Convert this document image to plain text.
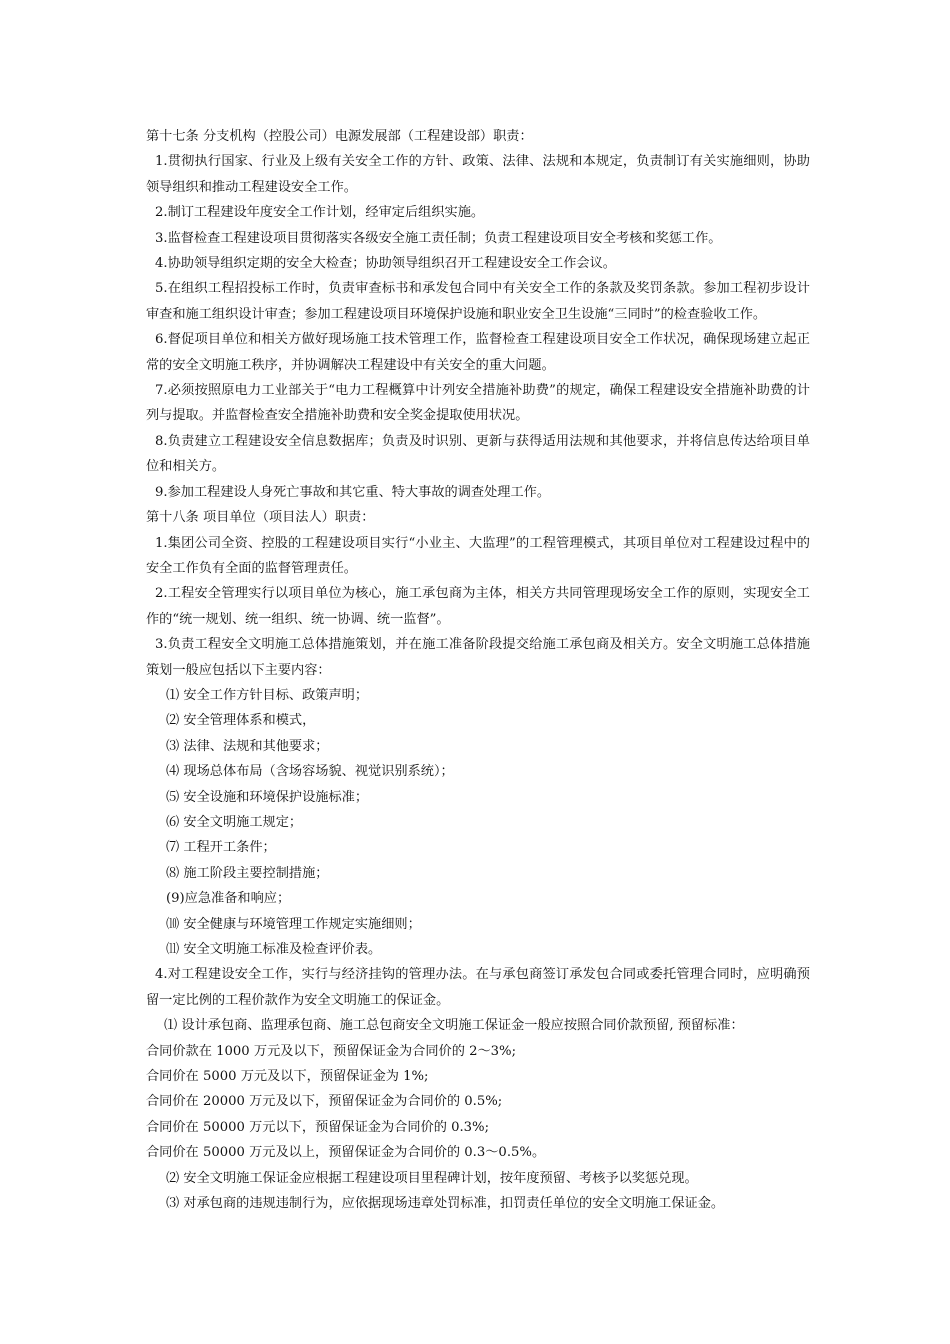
第十七条 分支机构（控股公司）电源发展部（工程建设部）职责：

1.贯彻执行国家、行业及上级有关安全工作的方针、政策、法律、法规和本规定，负责制订有关实施细则，协助领导组织和推动工程建设安全工作。

2.制订工程建设年度安全工作计划，经审定后组织实施。

3.监督检查工程建设项目贯彻落实各级安全施工责任制；负责工程建设项目安全考核和奖惩工作。

4.协助领导组织定期的安全大检查；协助领导组织召开工程建设安全工作会议。

5.在组织工程招投标工作时，负责审查标书和承发包合同中有关安全工作的条款及奖罚条款。参加工程初步设计审查和施工组织设计审查；参加工程建设项目环境保护设施和职业安全卫生设施“三同时”的检查验收工作。

6.督促项目单位和相关方做好现场施工技术管理工作，监督检查工程建设项目安全工作状况，确保现场建立起正常的安全文明施工秩序，并协调解决工程建设中有关安全的重大问题。

7.必须按照原电力工业部关于“电力工程概算中计列安全措施补助费”的规定，确保工程建设安全措施补助费的计列与提取。并监督检查安全措施补助费和安全奖金提取使用状况。

8.负责建立工程建设安全信息数据库；负责及时识别、更新与获得适用法规和其他要求，并将信息传达给项目单位和相关方。

9.参加工程建设人身死亡事故和其它重、特大事故的调查处理工作。

第十八条 项目单位（项目法人）职责：

1.集团公司全资、控股的工程建设项目实行“小业主、大监理”的工程管理模式，其项目单位对工程建设过程中的安全工作负有全面的监督管理责任。

2.工程安全管理实行以项目单位为核心，施工承包商为主体，相关方共同管理现场安全工作的原则，实现安全工作的“统一规划、统一组织、统一协调、统一监督”。

3.负责工程安全文明施工总体措施策划，并在施工准备阶段提交给施工承包商及相关方。安全文明施工总体措施策划一般应包括以下主要内容：

⑴ 安全工作方针目标、政策声明；

⑵ 安全管理体系和模式，

⑶ 法律、法规和其他要求；

⑷ 现场总体布局（含场容场貌、视觉识别系统）；

⑸ 安全设施和环境保护设施标准；

⑹ 安全文明施工规定；

⑺ 工程开工条件；

⑻ 施工阶段主要控制措施；

(9)应急准备和响应；

⑽ 安全健康与环境管理工作规定实施细则；

⑾ 安全文明施工标准及检查评价表。

4.对工程建设安全工作，实行与经济挂钩的管理办法。在与承包商签订承发包合同或委托管理合同时，应明确预留一定比例的工程价款作为安全文明施工的保证金。

⑴ 设计承包商、监理承包商、施工总包商安全文明施工保证金一般应按照合同价款预留, 预留标准：

合同价款在 1000 万元及以下，预留保证金为合同价的 2～3%;

合同价在 5000 万元及以下，预留保证金为 1%;

合同价在 20000 万元及以下，预留保证金为合同价的 0.5%;

合同价在 50000 万元以下，预留保证金为合同价的 0.3%;

合同价在 50000 万元及以上，预留保证金为合同价的 0.3～0.5%。

⑵ 安全文明施工保证金应根据工程建设项目里程碑计划，按年度预留、考核予以奖惩兑现。

⑶ 对承包商的违规违制行为，应依据现场违章处罚标准，扣罚责任单位的安全文明施工保证金。
